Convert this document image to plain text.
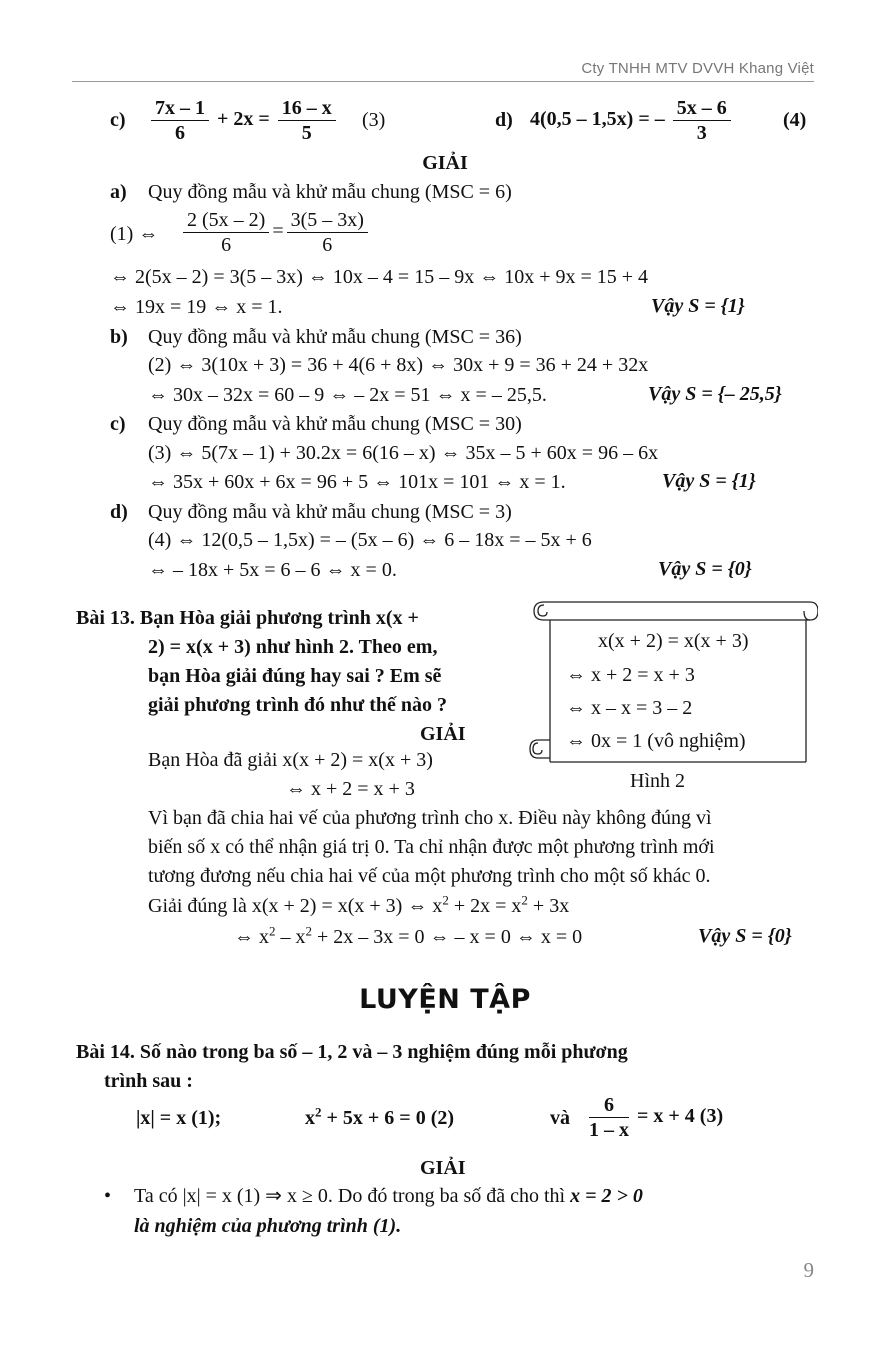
Cty TNHH MTV DVVH Khang Việt
$c) \frac{7x - 1}{6} + 2x = \frac{16 - x}{5} (3)$	d) 4(0,5 – 1,5x) = – $\frac{5x - 6}{3}$	(4)
GIẢI
a) Quy đồng mẫu và khử mẫu chung (MSC = 6)
(1) ⇔ $\frac{2 (5x - 2)}{6} = \frac{3(5 - 3x)}{6}$
⇔ 2(5x – 2) = 3(5 – 3x) ⇔ 10x – 4 = 15 – 9x ⇔ 10x + 9x = 15 + 4
⇔ 19x = 19 ⇔ x = 1.	Vậy S = {1}
b) Quy đồng mẫu và khử mẫu chung (MSC = 36)
(2) ⇔ 3(10x + 3) = 36 + 4(6 + 8x) ⇔ 30x + 9 = 36 + 24 + 32x
⇔ 30x – 32x = 60 – 9 ⇔ – 2x = 51 ⇔ x = – 25,5.	Vậy S = {– 25,5}
c) Quy đồng mẫu và khử mẫu chung (MSC = 30)
(3) ⇔ 5(7x – 1) + 30.2x = 6(16 – x) ⇔ 35x – 5 + 60x = 96 – 6x
⇔ 35x + 60x + 6x = 96 + 5 ⇔ 101x = 101 ⇔ x = 1.	Vậy S = {1}
d) Quy đồng mẫu và khử mẫu chung (MSC = 3)
(4) ⇔ 12(0,5 – 1,5x) = – (5x – 6) ⇔ 6 – 18x = – 5x + 6
⇔ – 18x + 5x = 6 – 6 ⇔ x = 0.	Vậy S = {0}
Bài 13. Bạn Hòa giải phương trình x(x +
2) = x(x + 3) như hình 2. Theo em,
bạn Hòa giải đúng hay sai ? Em sẽ
giải phương trình đó như thế nào ?
GIẢI
x(x + 2) = x(x + 3)
⇔ x + 2 = x + 3
⇔ x – x = 3 – 2
⇔ 0x = 1 (vô nghiệm)
Hình 2
Bạn Hòa đã giải x(x + 2) = x(x + 3)
⇔ x + 2 = x + 3
Vì bạn đã chia hai vế của phương trình cho x. Điều này không đúng vì
biến số x có thể nhận giá trị 0. Ta chỉ nhận được một phương trình mới
tương đương nếu chia hai vế của một phương trình cho một số khác 0.
Giải đúng là x(x + 2) = x(x + 3) ⇔ $x^2 + 2x = x^2 + 3x$
⇔ $x^2 - x^2 + 2x - 3x = 0$ ⇔ – x = 0 ⇔ x = 0	Vậy S = {0}
LUYỆN TẬP
Bài 14. Số nào trong ba số – 1, 2 và – 3 nghiệm đúng mỗi phương
trình sau :
|x| = x (1);	$x^2 + 5x + 6 = 0$ (2)	và $\frac{6}{1 - x} = x + 4$ (3)
GIẢI
• Ta có |x| = x (1) ⇒ x ≥ 0. Do đó trong ba số đã cho thì x = 2 > 0
là nghiệm của phương trình (1).
9
